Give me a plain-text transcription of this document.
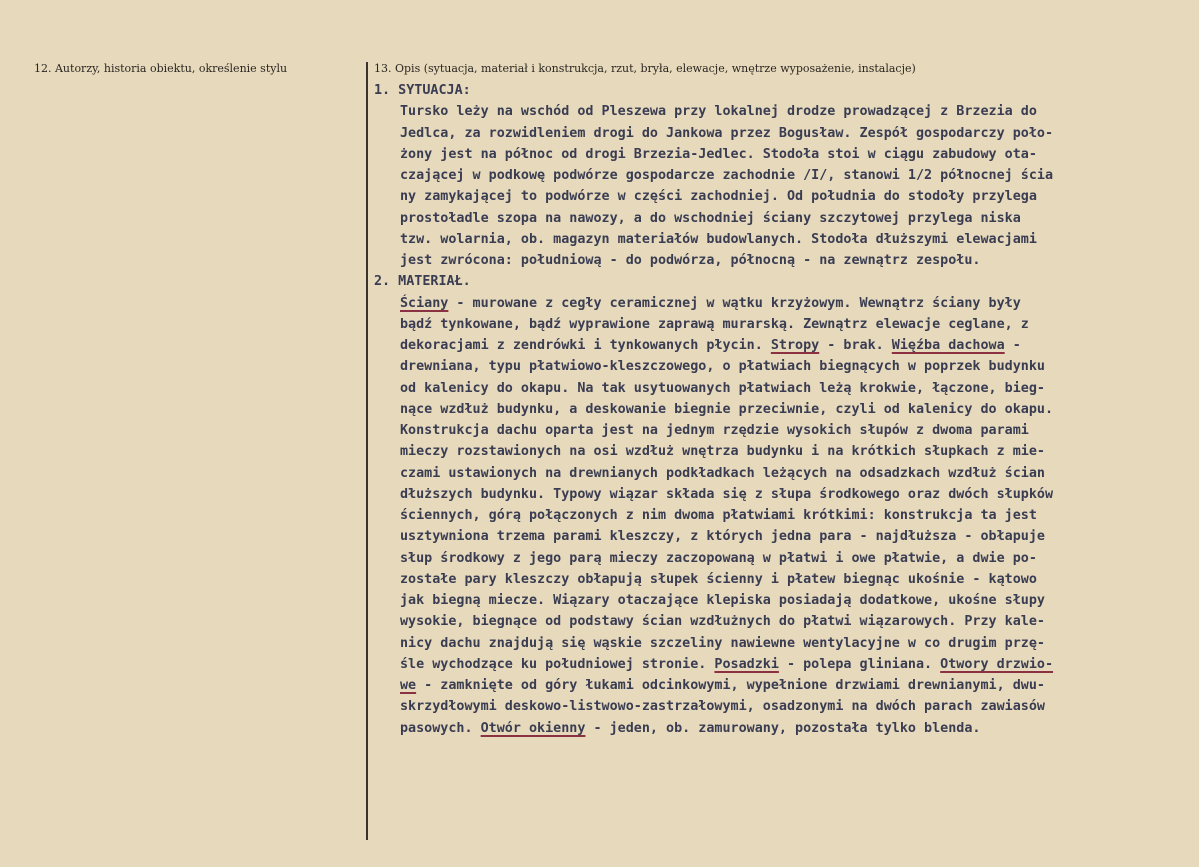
12. Autorzy, historia obiektu, określenie stylu	13. Opis (sytuacja, materiał i konstrukcja, rzut, bryła, elewacje, wnętrze wyposażenie, instalacje)
1. SYTUACJA:
Tursko leży na wschód od Pleszewa przy lokalnej drodze prowadzącej z Brzezia do
Jedlca, za rozwidleniem drogi do Jankowa przez Bogusław. Zespół gospodarczy poło-
żony jest na północ od drogi Brzezia-Jedlec. Stodoła stoi w ciągu zabudowy ota-
czającej w podkowę podwórze gospodarcze zachodnie /I/, stanowi 1/2 północnej ścia
ny zamykającej to podwórze w części zachodniej. Od południa do stodoły przylega
prostoładle szopa na nawozy, a do wschodniej ściany szczytowej przylega niska
tzw. wolarnia, ob. magazyn materiałów budowlanych. Stodoła dłuższymi elewacjami
jest zwrócona: południową - do podwórza, północną - na zewnątrz zespołu.
2. MATERIAŁ.
Ściany - murowane z cegły ceramicznej w wątku krzyżowym. Wewnątrz ściany były
bądź tynkowane, bądź wyprawione zaprawą murarską. Zewnątrz elewacje ceglane, z
dekoracjami z zendrówki i tynkowanych płycin. Stropy - brak. Więźba dachowa -
drewniana, typu płatwiowo-kleszczowego, o płatwiach biegnących w poprzek budynku
od kalenicy do okapu. Na tak usytuowanych płatwiach leżą krokwie, łączone, bieg-
nące wzdłuż budynku, a deskowanie biegnie przeciwnie, czyli od kalenicy do okapu.
Konstrukcja dachu oparta jest na jednym rzędzie wysokich słupów z dwoma parami
mieczy rozstawionych na osi wzdłuż wnętrza budynku i na krótkich słupkach z mie-
czami ustawionych na drewnianych podkładkach leżących na odsadzkach wzdłuż ścian
dłuższych budynku. Typowy wiązar składa się z słupa środkowego oraz dwóch słupków
ściennych, górą połączonych z nim dwoma płatwiami krótkimi: konstrukcja ta jest
usztywniona trzema parami kleszczy, z których jedna para - najdłuższa - obłapuje
słup środkowy z jego parą mieczy zaczopowaną w płatwi i owe płatwie, a dwie po-
zostałe pary kleszczy obłapują słupek ścienny i płatew biegnąc ukośnie - kątowo
jak biegną miecze. Wiązary otaczające klepiska posiadają dodatkowe, ukośne słupy
wysokie, biegnące od podstawy ścian wzdłużnych do płatwi wiązarowych. Przy kale-
nicy dachu znajdują się wąskie szczeliny nawiewne wentylacyjne w co drugim przę-
śle wychodzące ku południowej stronie. Posadzki - polepa gliniana. Otwory drzwio-
we - zamknięte od góry łukami odcinkowymi, wypełnione drzwiami drewnianymi, dwu-
skrzydłowymi deskowo-listwowo-zastrzałowymi, osadzonymi na dwóch parach zawiasów
pasowych. Otwór okienny - jeden, ob. zamurowany, pozostała tylko blenda.
